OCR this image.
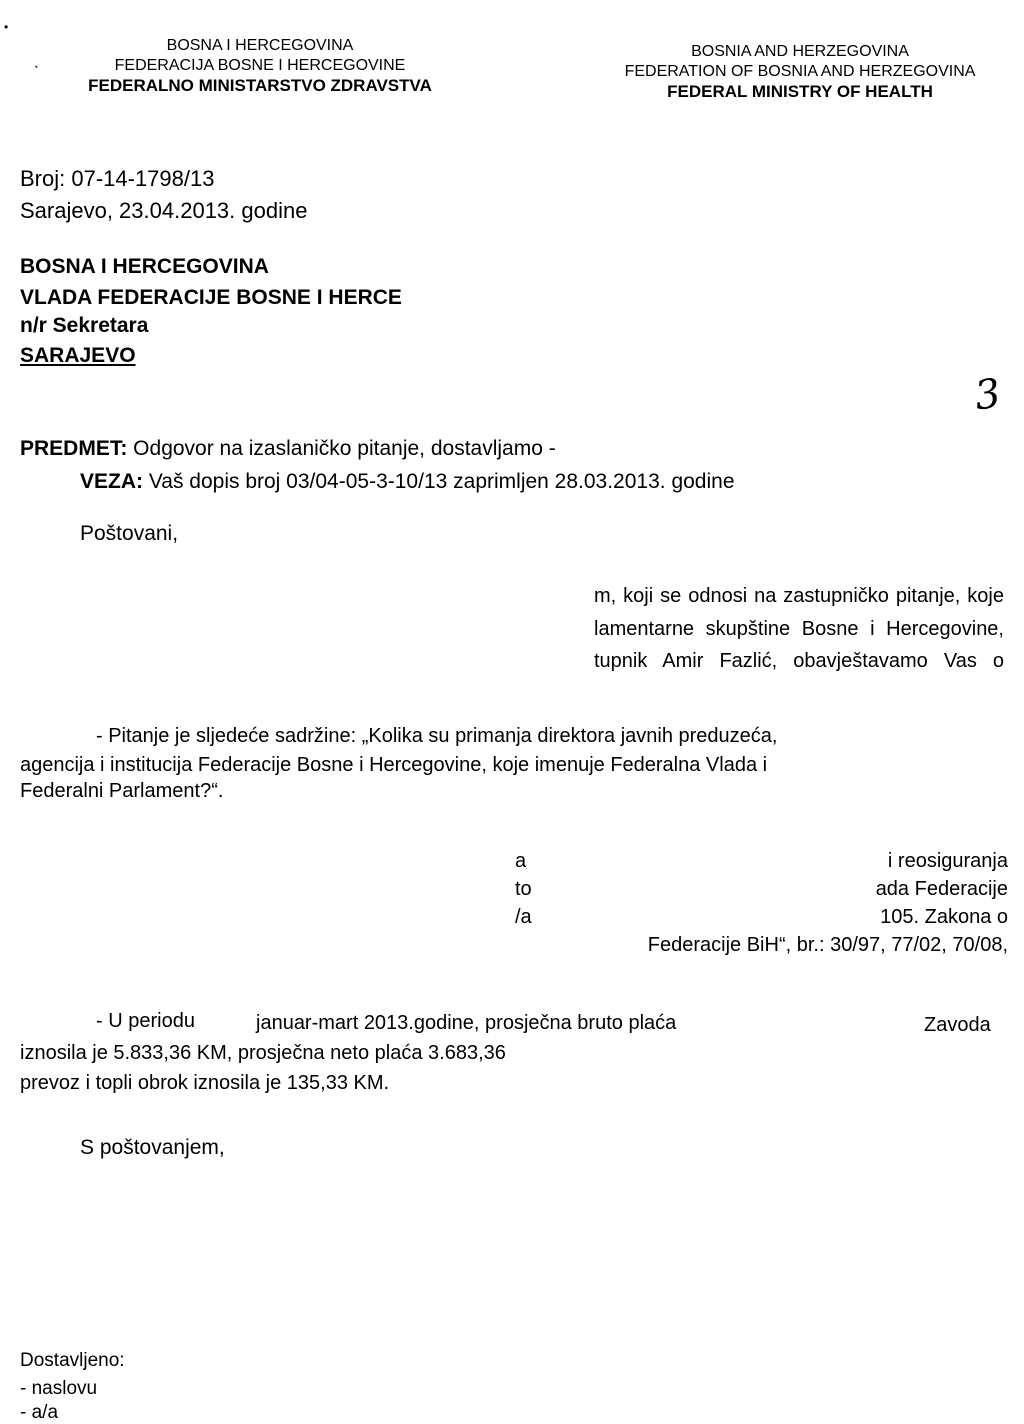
•
ˎ
BOSNA I HERCEGOVINA
FEDERACIJA BOSNE I HERCEGOVINE
FEDERALNO MINISTARSTVO ZDRAVSTVA
BOSNIA AND HERZEGOVINA
FEDERATION OF BOSNIA AND HERZEGOVINA
FEDERAL MINISTRY OF HEALTH
Broj: 07-14-1798/13
Sarajevo, 23.04.2013. godine
BOSNA I HERCEGOVINA
VLADA FEDERACIJE BOSNE I HERCE
n/r Sekretara
SARAJEVO
3
PREDMET: Odgovor na izaslaničko pitanje, dostavljamo -
VEZA: Vaš dopis broj 03/04-05-3-10/13 zaprimljen 28.03.2013. godine
Poštovani,
m, koji se odnosi na zastupničko pitanje, koje
lamentarne skupštine Bosne i Hercegovine,
tupnik Amir Fazlić, obavještavamo Vas o
- Pitanje je sljedeće sadržine: „Kolika su primanja direktora javnih preduzeća,
agencija i institucija Federacije Bosne i Hercegovine, koje imenuje Federalna Vlada i
Federalni Parlament?“.
a
to
/a
i reosiguranja
ada Federacije
105. Zakona o
Federacije BiH“, br.: 30/97, 77/02, 70/08,
- U periodu	januar-mart 2013.godine, prosječna bruto plaća	Zavoda
iznosila je 5.833,36 KM, prosječna neto plaća 3.683,36
prevoz i topli obrok iznosila je 135,33 KM.
S poštovanjem,
Dostavljeno:
- naslovu
- a/a
